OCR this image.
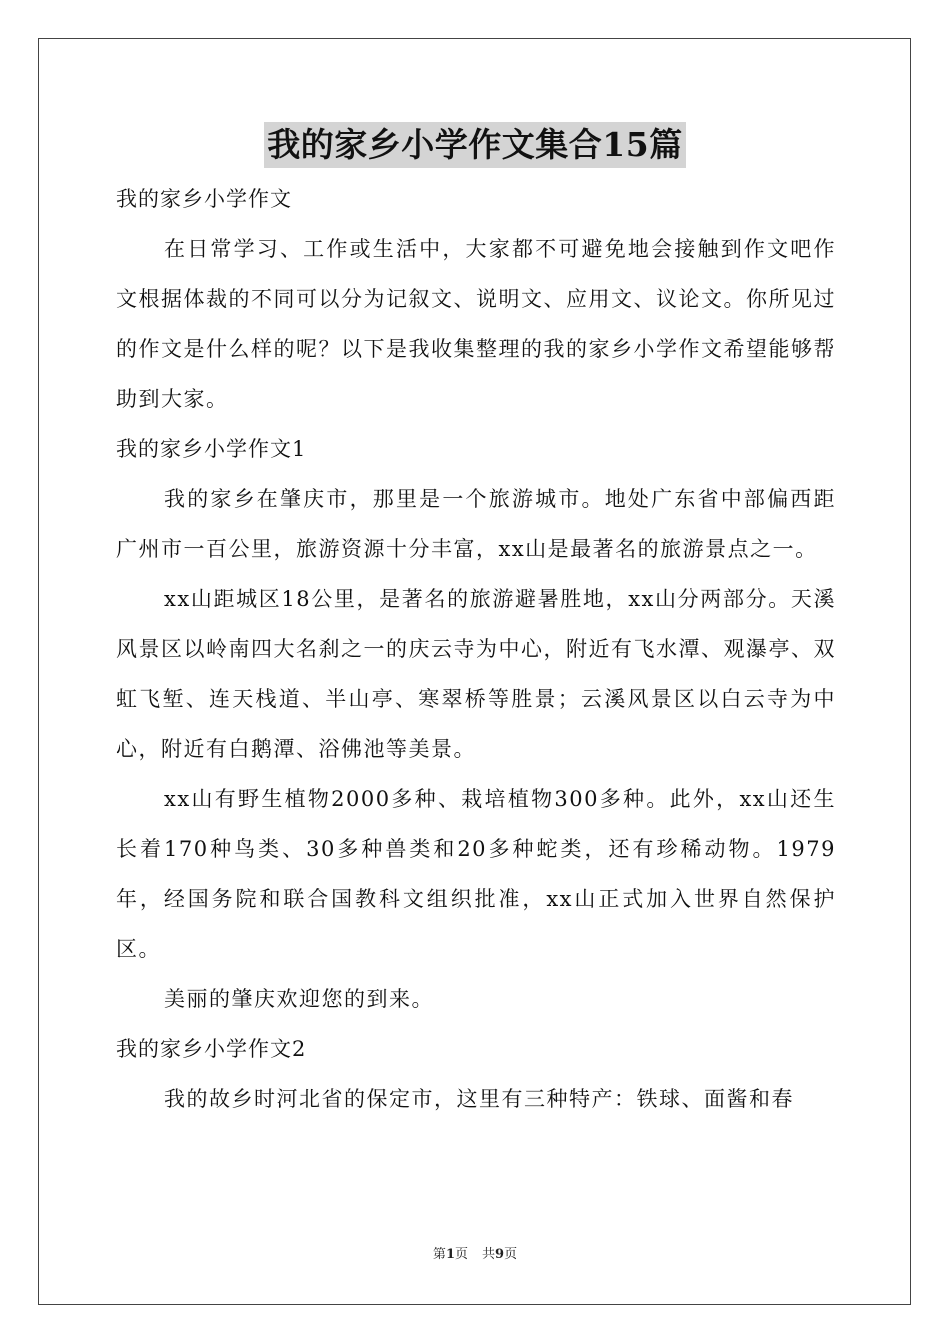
我的家乡小学作文集合15篇

我的家乡小学作文

在日常学习、工作或生活中，大家都不可避免地会接触到作文吧作文根据体裁的不同可以分为记叙文、说明文、应用文、议论文。你所见过的作文是什么样的呢？以下是我收集整理的我的家乡小学作文希望能够帮助到大家。

我的家乡小学作文1

我的家乡在肇庆市，那里是一个旅游城市。地处广东省中部偏西距广州市一百公里，旅游资源十分丰富，xx山是最著名的旅游景点之一。

xx山距城区18公里，是著名的旅游避暑胜地，xx山分两部分。天溪风景区以岭南四大名刹之一的庆云寺为中心，附近有飞水潭、观瀑亭、双虹飞堑、连天栈道、半山亭、寒翠桥等胜景；云溪风景区以白云寺为中心，附近有白鹅潭、浴佛池等美景。

xx山有野生植物2000多种、栽培植物300多种。此外，xx山还生长着170种鸟类、30多种兽类和20多种蛇类，还有珍稀动物。1979年，经国务院和联合国教科文组织批准，xx山正式加入世界自然保护区。

美丽的肇庆欢迎您的到来。

我的家乡小学作文2

我的故乡时河北省的保定市，这里有三种特产：铁球、面酱和春

第1页 共9页
